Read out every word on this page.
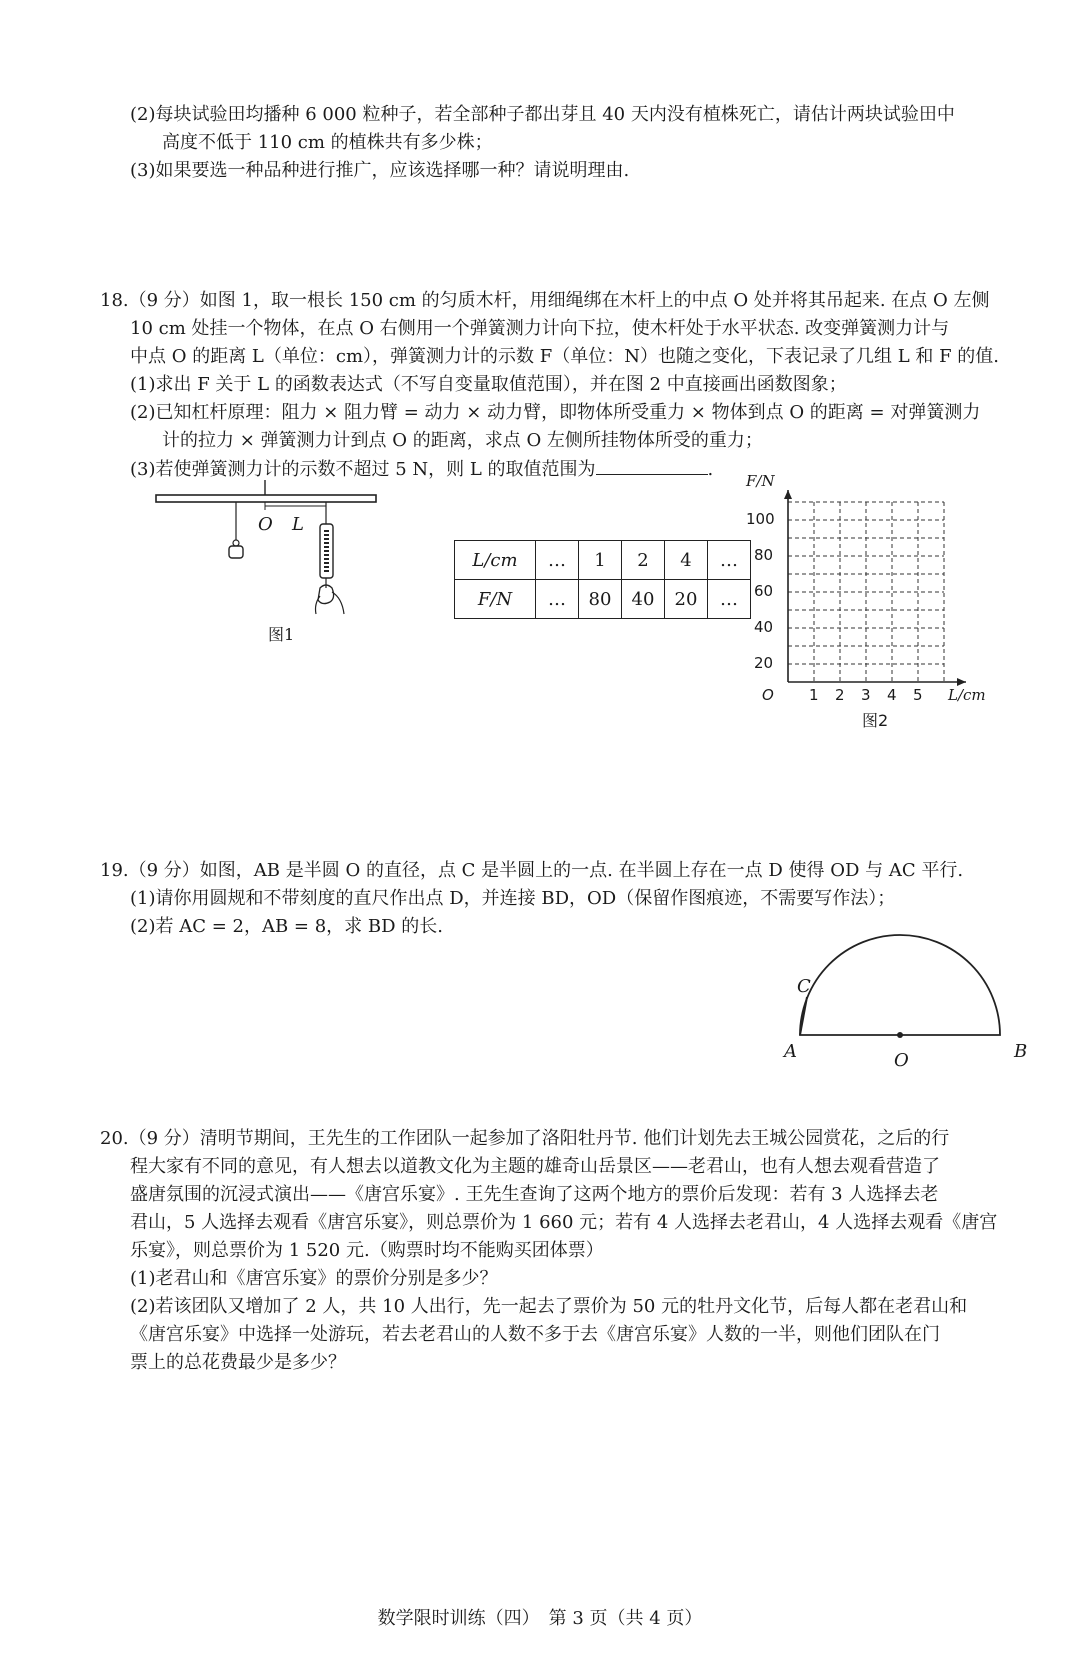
(2)每块试验田均播种 6 000 粒种子，若全部种子都出芽且 40 天内没有植株死亡，请估计两块试验田中
高度不低于 110 cm 的植株共有多少株；
(3)如果要选一种品种进行推广，应该选择哪一种？请说明理由.
18.（9 分）如图 1，取一根长 150 cm 的匀质木杆，用细绳绑在木杆上的中点 O 处并将其吊起来. 在点 O 左侧
10 cm 处挂一个物体，在点 O 右侧用一个弹簧测力计向下拉，使木杆处于水平状态. 改变弹簧测力计与
中点 O 的距离 L（单位：cm），弹簧测力计的示数 F（单位：N）也随之变化，下表记录了几组 L 和 F 的值.
(1)求出 F 关于 L 的函数表达式（不写自变量取值范围），并在图 2 中直接画出函数图象；
(2)已知杠杆原理：阻力 × 阻力臂 = 动力 × 动力臂，即物体所受重力 × 物体到点 O 的距离 = 对弹簧测力
计的拉力 × 弹簧测力计到点 O 的距离，求点 O 左侧所挂物体所受的重力；
(3)若使弹簧测力计的示数不超过 5 N，则 L 的取值范围为	.
O L
图1
L/cm	…	1	2	4	…
F/N	…	80	40	20	…
F/N
100
80
60
40
20
O 1 2 3 4 5 L/cm
图2
19.（9 分）如图，AB 是半圆 O 的直径，点 C 是半圆上的一点. 在半圆上存在一点 D 使得 OD 与 AC 平行.
(1)请你用圆规和不带刻度的直尺作出点 D，并连接 BD，OD（保留作图痕迹，不需要写作法）；
(2)若 AC = 2，AB = 8，求 BD 的长.
A	B
C
O
20.（9 分）清明节期间，王先生的工作团队一起参加了洛阳牡丹节. 他们计划先去王城公园赏花，之后的行
程大家有不同的意见，有人想去以道教文化为主题的雄奇山岳景区——老君山，也有人想去观看营造了
盛唐氛围的沉浸式演出——《唐宫乐宴》. 王先生查询了这两个地方的票价后发现：若有 3 人选择去老
君山，5 人选择去观看《唐宫乐宴》，则总票价为 1 660 元；若有 4 人选择去老君山，4 人选择去观看《唐宫
乐宴》，则总票价为 1 520 元.（购票时均不能购买团体票）
(1)老君山和《唐宫乐宴》的票价分别是多少？
(2)若该团队又增加了 2 人，共 10 人出行，先一起去了票价为 50 元的牡丹文化节，后每人都在老君山和
《唐宫乐宴》中选择一处游玩，若去老君山的人数不多于去《唐宫乐宴》人数的一半，则他们团队在门
票上的总花费最少是多少？
数学限时训练（四）　第 3 页（共 4 页）
